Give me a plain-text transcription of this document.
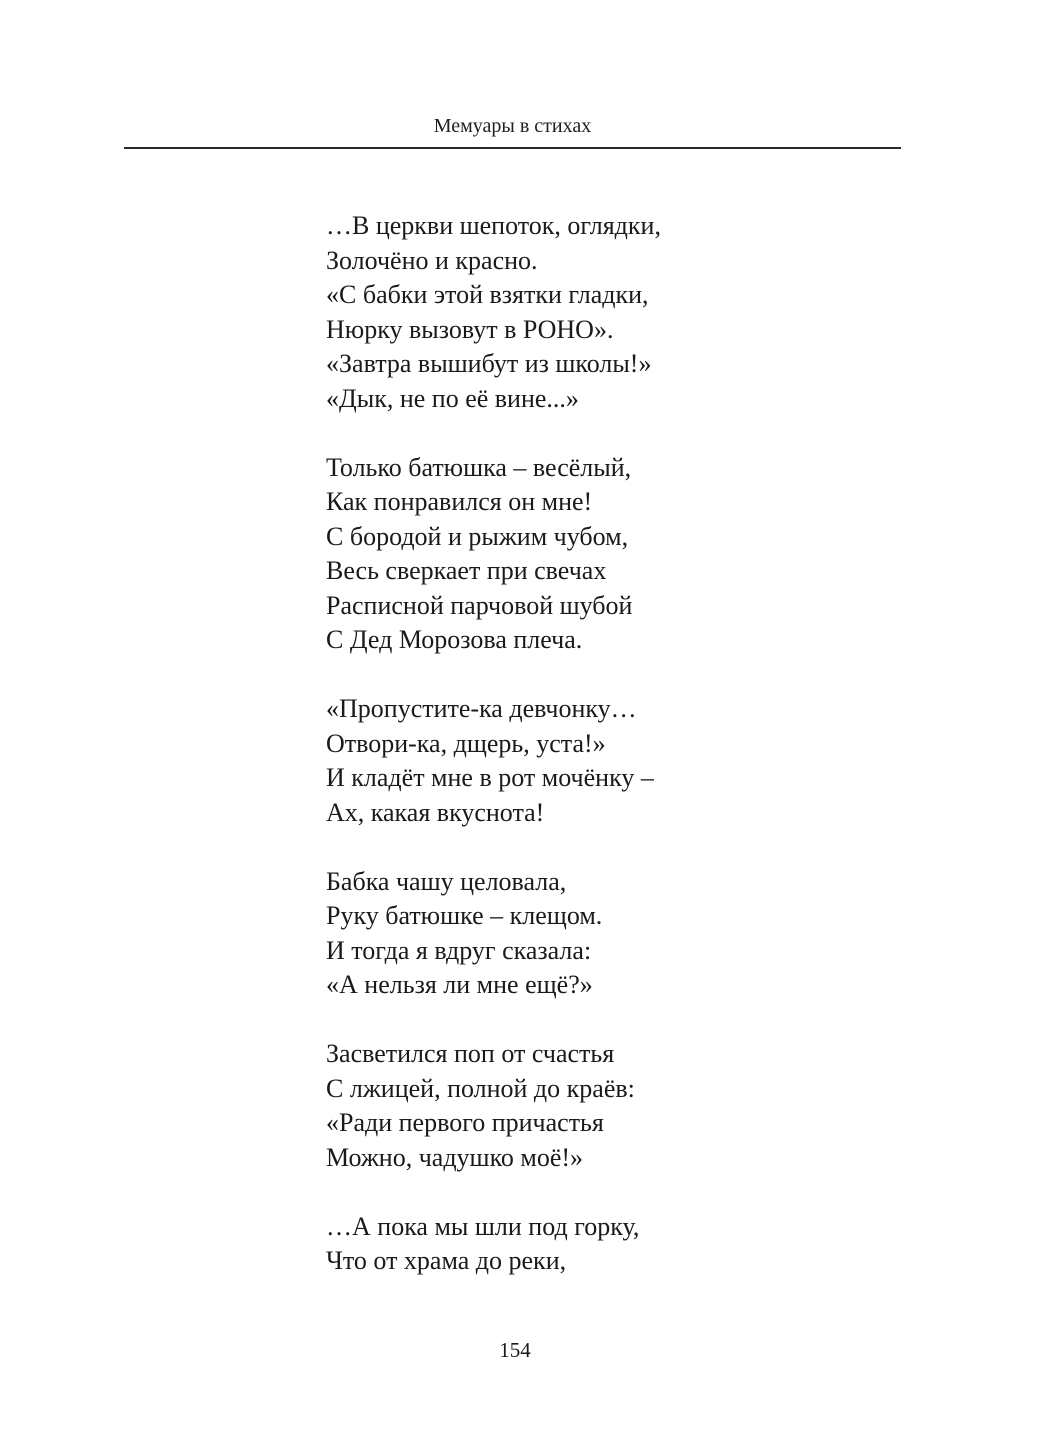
Мемуары в стихах
…В церкви шепоток, оглядки,
Золочёно и красно.
«С бабки этой взятки гладки,
Нюрку вызовут в РОНО».
«Завтра вышибут из школы!»
«Дык, не по её вине...»
Только батюшка – весёлый,
Как понравился он мне!
С бородой и рыжим чубом,
Весь сверкает при свечах
Расписной парчовой шубой
С Дед Морозова плеча.
«Пропустите-ка девчонку…
Отвори-ка, дщерь, уста!»
И кладёт мне в рот мочёнку –
Ах, какая вкуснота!
Бабка чашу целовала,
Руку батюшке – клещом.
И тогда я вдруг сказала:
«А нельзя ли мне ещё?»
Засветился поп от счастья
С лжицей, полной до краёв:
«Ради первого причастья
Можно, чадушко моё!»
…А пока мы шли под горку,
Что от храма до реки,
154
